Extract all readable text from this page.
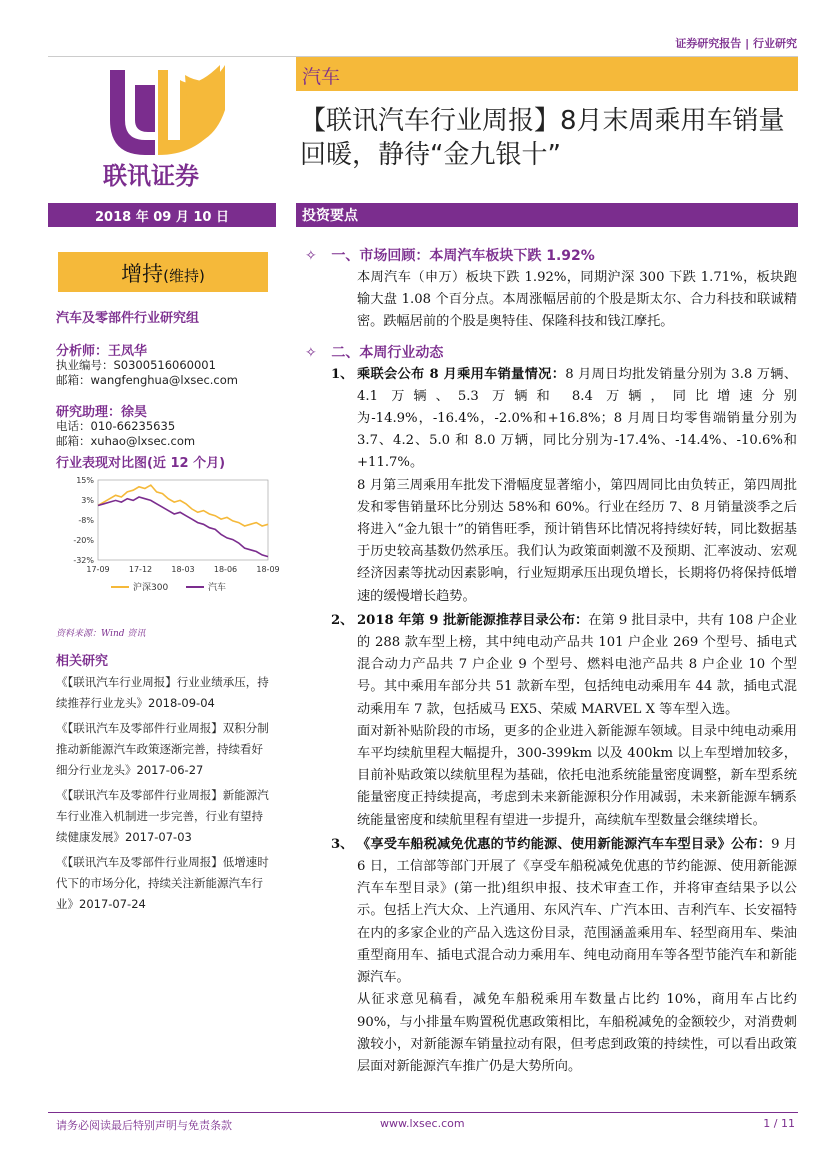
证券研究报告 | 行业研究
联讯证券
汽车
【联讯汽车行业周报】8月末周乘用车销量回暖，静待“金九银十”
2018 年 09 月 10 日	投资要点
增持(维持)
汽车及零部件行业研究组
分析师：王凤华
执业编号：S0300516060001
邮箱：wangfenghua@lxsec.com
研究助理：徐昊
电话：010-66235635
邮箱：xuhao@lxsec.com
行业表现对比图(近 12 个月)
15%
3%
-8%
-20%
-32%
17-09 17-12 18-03 18-06 18-09
沪深300	汽车
资料来源：Wind 资讯
相关研究
《【联讯汽车行业周报】行业业绩承压，持续推荐行业龙头》2018-09-04
《【联讯汽车及零部件行业周报】双积分制推动新能源汽车政策逐渐完善，持续看好细分行业龙头》2017-06-27
《【联讯汽车及零部件行业周报】新能源汽车行业准入机制进一步完善，行业有望持续健康发展》2017-07-03
《【联讯汽车及零部件行业周报】低增速时代下的市场分化，持续关注新能源汽车行业》2017-07-24
✧ 一、市场回顾：本周汽车板块下跌 1.92%
本周汽车（申万）板块下跌 1.92%，同期沪深 300 下跌 1.71%，板块跑输大盘 1.08 个百分点。本周涨幅居前的个股是斯太尔、合力科技和联诚精密。跌幅居前的个股是奥特佳、保隆科技和钱江摩托。
✧ 二、本周行业动态
1、 乘联会公布 8 月乘用车销量情况：8 月周日均批发销量分别为 3.8 万辆、4.1 万辆、5.3 万辆和 8.4 万辆，同比增速分别为-14.9%，-16.4%，-2.0%和+16.8%；8 月周日均零售端销量分别为 3.7、4.2、5.0 和 8.0 万辆，同比分别为-17.4%、-14.4%、-10.6%和+11.7%。
8 月第三周乘用车批发下滑幅度显著缩小，第四周同比由负转正，第四周批发和零售销量环比分别达 58%和 60%。行业在经历 7、8 月销量淡季之后将进入“金九银十”的销售旺季，预计销售环比情况将持续好转，同比数据基于历史较高基数仍然承压。我们认为政策面刺激不及预期、汇率波动、宏观经济因素等扰动因素影响，行业短期承压出现负增长，长期将仍将保持低增速的缓慢增长趋势。
2、 2018 年第 9 批新能源推荐目录公布：在第 9 批目录中，共有 108 户企业的 288 款车型上榜，其中纯电动产品共 101 户企业 269 个型号、插电式混合动力产品共 7 户企业 9 个型号、燃料电池产品共 8 户企业 10 个型号。其中乘用车部分共 51 款新车型，包括纯电动乘用车 44 款，插电式混动乘用车 7 款，包括威马 EX5、荣威 MARVEL X 等车型入选。
面对新补贴阶段的市场，更多的企业进入新能源车领域。目录中纯电动乘用车平均续航里程大幅提升，300-399km 以及 400km 以上车型增加较多，目前补贴政策以续航里程为基础，依托电池系统能量密度调整，新车型系统能量密度正持续提高，考虑到未来新能源积分作用减弱，未来新能源车辆系统能量密度和续航里程有望进一步提升，高续航车型数量会继续增长。
3、 《享受车船税减免优惠的节约能源、使用新能源汽车车型目录》公布：9 月 6 日，工信部等部门开展了《享受车船税减免优惠的节约能源、使用新能源汽车车型目录》(第一批)组织申报、技术审查工作，并将审查结果予以公示。包括上汽大众、上汽通用、东风汽车、广汽本田、吉利汽车、长安福特在内的多家企业的产品入选这份目录，范围涵盖乘用车、轻型商用车、柴油重型商用车、插电式混合动力乘用车、纯电动商用车等各型节能汽车和新能源汽车。
从征求意见稿看，减免车船税乘用车数量占比约 10%，商用车占比约 90%，与小排量车购置税优惠政策相比，车船税减免的金额较少，对消费刺激较小，对新能源车销量拉动有限，但考虑到政策的持续性，可以看出政策层面对新能源汽车推广仍是大势所向。
请务必阅读最后特别声明与免责条款	www.lxsec.com	1 / 11
